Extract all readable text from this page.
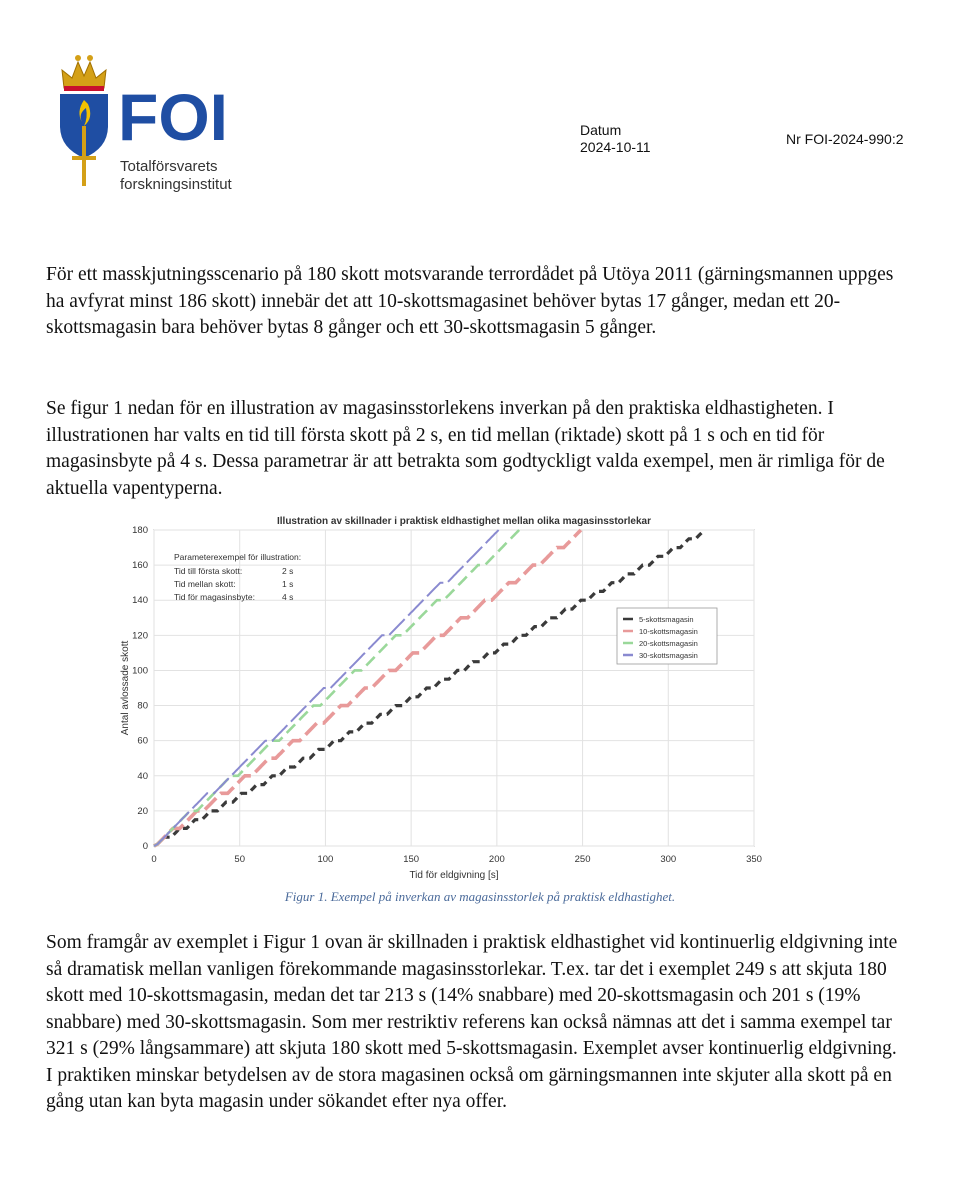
FOI
Totalförsvarets
forskningsinstitut
Datum
2024-10-11	Nr FOI-2024-990:2

För ett masskjutningsscenario på 180 skott motsvarande terrordådet på Utöya 2011 (gärningsmannen uppges ha avfyrat minst 186 skott) innebär det att 10-skottsmagasinet behöver bytas 17 gånger, medan ett 20-skottsmagasin bara behöver bytas 8 gånger och ett 30-skottsmagasin 5 gånger.

Se figur 1 nedan för en illustration av magasinsstorlekens inverkan på den praktiska eldhastigheten. I illustrationen har valts en tid till första skott på 2 s, en tid mellan (riktade) skott på 1 s och en tid för magasinsbyte på 4 s. Dessa parametrar är att betrakta som godtyckligt valda exempel, men är rimliga för de aktuella vapentyperna.

0	50	100	150	200	250	300	350
0
20
40
60
80
100
120
140
160
180
Illustration av skillnader i praktisk eldhastighet mellan olika magasinsstorlekar
Tid för eldgivning [s]
Antal avlossade skott
Parameterexempel för illustration:
Tid till första skott:	2 s
Tid mellan skott:	1 s
Tid för magasinsbyte:	4 s
5-skottsmagasin
10-skottsmagasin
20-skottsmagasin
30-skottsmagasin
Figur 1. Exempel på inverkan av magasinsstorlek på praktisk eldhastighet.

Som framgår av exemplet i Figur 1 ovan är skillnaden i praktisk eldhastighet vid kontinuerlig eldgivning inte så dramatisk mellan vanligen förekommande magasinsstorlekar. T.ex. tar det i exemplet 249 s att skjuta 180 skott med 10-skottsmagasin, medan det tar 213 s (14% snabbare) med 20-skottsmagasin och 201 s (19% snabbare) med 30-skottsmagasin. Som mer restriktiv referens kan också nämnas att det i samma exempel tar 321 s (29% långsammare) att skjuta 180 skott med 5-skottsmagasin. Exemplet avser kontinuerlig eldgivning. I praktiken minskar betydelsen av de stora magasinen också om gärningsmannen inte skjuter alla skott på en gång utan kan byta magasin under sökandet efter nya offer.
